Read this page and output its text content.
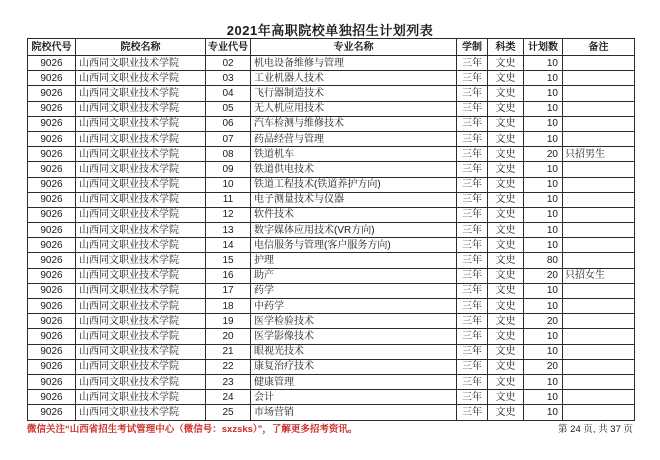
2021年高职院校单独招生计划列表
院校代号	院校名称	专业代号	专业名称	学制	科类	计划数	备注
9026	山西同文职业技术学院	02	机电设备维修与管理	三年	文史	10	
9026	山西同文职业技术学院	03	工业机器人技术	三年	文史	10	
9026	山西同文职业技术学院	04	飞行器制造技术	三年	文史	10	
9026	山西同文职业技术学院	05	无人机应用技术	三年	文史	10	
9026	山西同文职业技术学院	06	汽车检测与维修技术	三年	文史	10	
9026	山西同文职业技术学院	07	药品经营与管理	三年	文史	10	
9026	山西同文职业技术学院	08	铁道机车	三年	文史	20	只招男生
9026	山西同文职业技术学院	09	铁道供电技术	三年	文史	10	
9026	山西同文职业技术学院	10	铁道工程技术(铁道养护方向)	三年	文史	10	
9026	山西同文职业技术学院	11	电子测量技术与仪器	三年	文史	10	
9026	山西同文职业技术学院	12	软件技术	三年	文史	10	
9026	山西同文职业技术学院	13	数字媒体应用技术(VR方向)	三年	文史	10	
9026	山西同文职业技术学院	14	电信服务与管理(客户服务方向)	三年	文史	10	
9026	山西同文职业技术学院	15	护理	三年	文史	80	
9026	山西同文职业技术学院	16	助产	三年	文史	20	只招女生
9026	山西同文职业技术学院	17	药学	三年	文史	10	
9026	山西同文职业技术学院	18	中药学	三年	文史	10	
9026	山西同文职业技术学院	19	医学检验技术	三年	文史	20	
9026	山西同文职业技术学院	20	医学影像技术	三年	文史	10	
9026	山西同文职业技术学院	21	眼视光技术	三年	文史	10	
9026	山西同文职业技术学院	22	康复治疗技术	三年	文史	20	
9026	山西同文职业技术学院	23	健康管理	三年	文史	10	
9026	山西同文职业技术学院	24	会计	三年	文史	10	
9026	山西同文职业技术学院	25	市场营销	三年	文史	10	
微信关注“山西省招生考试管理中心（微信号：sxzsks）”，了解更多招考资讯。	第 24 页, 共 37 页
